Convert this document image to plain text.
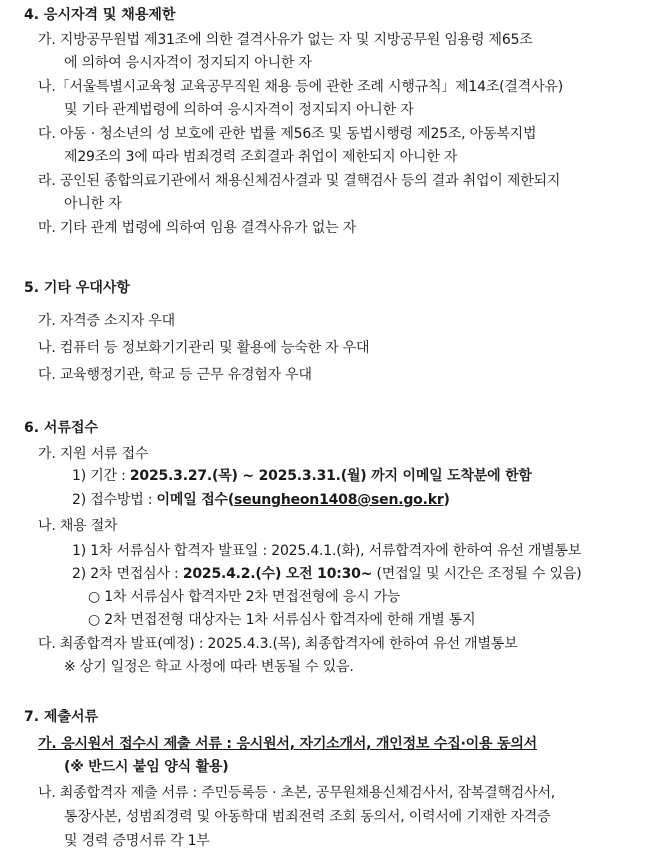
4. 응시자격 및 채용제한
가. 지방공무원법 제31조에 의한 결격사유가 없는 자 및 지방공무원 임용령 제65조
에 의하여 응시자격이 정지되지 아니한 자
나.「서울특별시교육청 교육공무직원 채용 등에 관한 조례 시행규칙」제14조(결격사유)
및 기타 관계법령에 의하여 응시자격이 정지되지 아니한 자
다. 아동 · 청소년의 성 보호에 관한 법률 제56조 및 동법시행령 제25조, 아동복지법
제29조의 3에 따라 범죄경력 조회결과 취업이 제한되지 아니한 자
라. 공인된 종합의료기관에서 채용신체검사결과 및 결핵검사 등의 결과 취업이 제한되지
아니한 자
마. 기타 관계 법령에 의하여 임용 결격사유가 없는 자
5. 기타 우대사항
가. 자격증 소지자 우대
나. 컴퓨터 등 정보화기기관리 및 활용에 능숙한 자 우대
다. 교육행정기관, 학교 등 근무 유경험자 우대
6. 서류접수
가. 지원 서류 접수
1) 기간 : 2025.3.27.(목) ~ 2025.3.31.(월) 까지 이메일 도착분에 한함
2) 접수방법 : 이메일 접수(seungheon1408@sen.go.kr)
나. 채용 절차
1) 1차 서류심사 합격자 발표일 : 2025.4.1.(화), 서류합격자에 한하여 유선 개별통보
2) 2차 면접심사 : 2025.4.2.(수) 오전 10:30~ (면접일 및 시간은 조정될 수 있음)
○ 1차 서류심사 합격자만 2차 면접전형에 응시 가능
○ 2차 면접전형 대상자는 1차 서류심사 합격자에 한해 개별 통지
다. 최종합격자 발표(예정) : 2025.4.3.(목), 최종합격자에 한하여 유선 개별통보
※ 상기 일정은 학교 사정에 따라 변동될 수 있음.
7. 제출서류
가. 응시원서 접수시 제출 서류 : 응시원서, 자기소개서, 개인정보 수집·이용 동의서
(※ 반드시 붙임 양식 활용)
나. 최종합격자 제출 서류 : 주민등록등 · 초본, 공무원채용신체검사서, 잠복결핵검사서,
통장사본, 성범죄경력 및 아동학대 범죄전력 조회 동의서, 이력서에 기재한 자격증
및 경력 증명서류 각 1부
